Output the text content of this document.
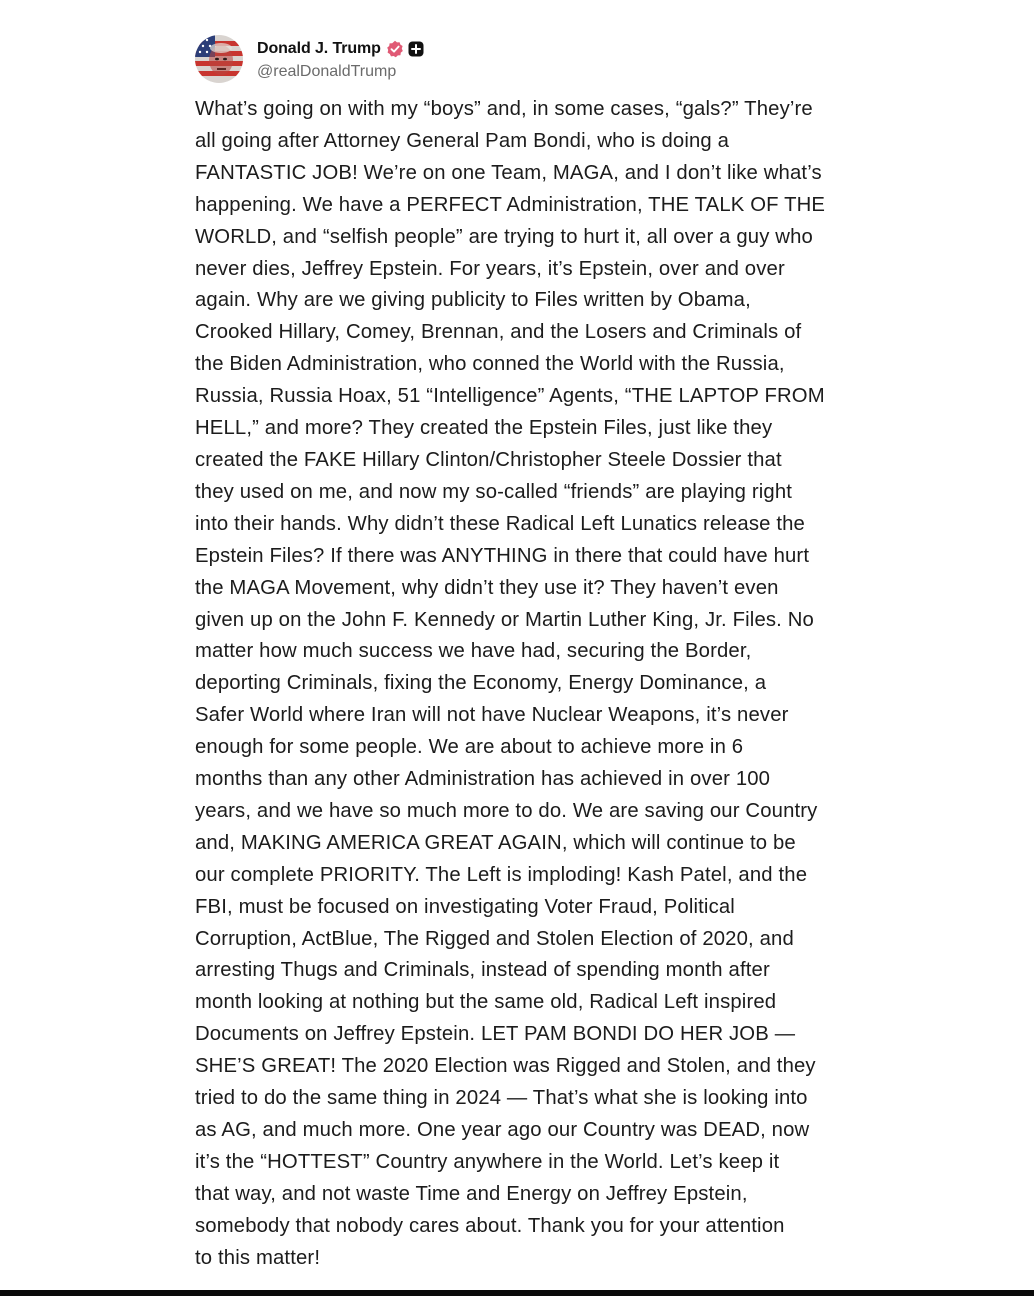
Donald J. Trump
@realDonaldTrump
What’s going on with my “boys” and, in some cases, “gals?” They’re
all going after Attorney General Pam Bondi, who is doing a
FANTASTIC JOB! We’re on one Team, MAGA, and I don’t like what’s
happening. We have a PERFECT Administration, THE TALK OF THE
WORLD, and “selfish people” are trying to hurt it, all over a guy who
never dies, Jeffrey Epstein. For years, it’s Epstein, over and over
again. Why are we giving publicity to Files written by Obama,
Crooked Hillary, Comey, Brennan, and the Losers and Criminals of
the Biden Administration, who conned the World with the Russia,
Russia, Russia Hoax, 51 “Intelligence” Agents, “THE LAPTOP FROM
HELL,” and more? They created the Epstein Files, just like they
created the FAKE Hillary Clinton/Christopher Steele Dossier that
they used on me, and now my so-called “friends” are playing right
into their hands. Why didn’t these Radical Left Lunatics release the
Epstein Files? If there was ANYTHING in there that could have hurt
the MAGA Movement, why didn’t they use it? They haven’t even
given up on the John F. Kennedy or Martin Luther King, Jr. Files. No
matter how much success we have had, securing the Border,
deporting Criminals, fixing the Economy, Energy Dominance, a
Safer World where Iran will not have Nuclear Weapons, it’s never
enough for some people. We are about to achieve more in 6
months than any other Administration has achieved in over 100
years, and we have so much more to do. We are saving our Country
and, MAKING AMERICA GREAT AGAIN, which will continue to be
our complete PRIORITY. The Left is imploding! Kash Patel, and the
FBI, must be focused on investigating Voter Fraud, Political
Corruption, ActBlue, The Rigged and Stolen Election of 2020, and
arresting Thugs and Criminals, instead of spending month after
month looking at nothing but the same old, Radical Left inspired
Documents on Jeffrey Epstein. LET PAM BONDI DO HER JOB —
SHE’S GREAT! The 2020 Election was Rigged and Stolen, and they
tried to do the same thing in 2024 — That’s what she is looking into
as AG, and much more. One year ago our Country was DEAD, now
it’s the “HOTTEST” Country anywhere in the World. Let’s keep it
that way, and not waste Time and Energy on Jeffrey Epstein,
somebody that nobody cares about. Thank you for your attention
to this matter!
